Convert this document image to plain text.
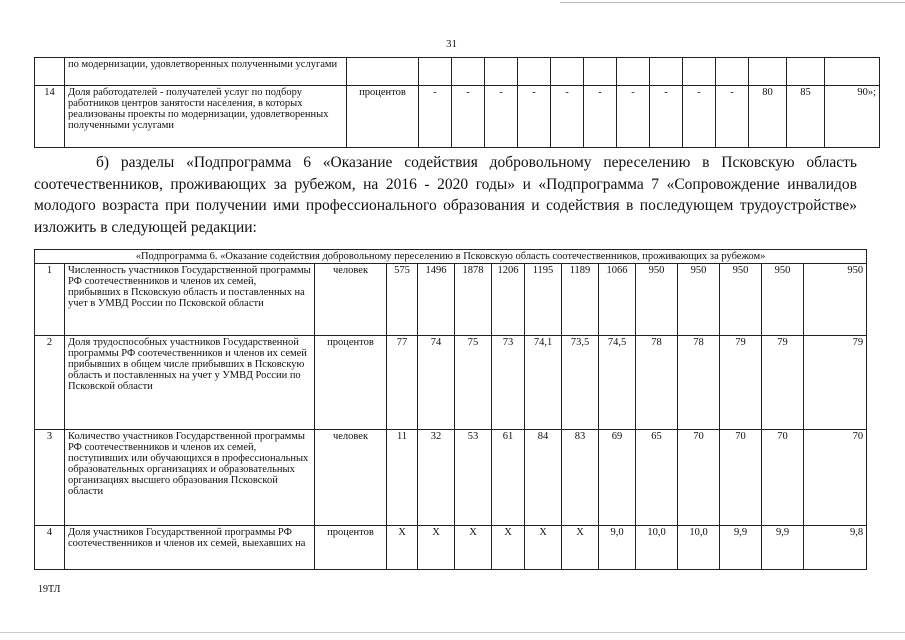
31
	по модернизации, удовлетворенных полученными услугами														
14	Доля работодателей - получателей услуг по подбору работников центров занятости населения, в которых реализованы проекты по модернизации, удовлетворенных полученными услугами	процентов	-	-	-	-	-	-	-	-	-	-	80	85	90»;
б) разделы «Подпрограмма 6 «Оказание содействия добровольному переселению в Псковскую область соотечественников, проживающих за рубежом, на 2016 - 2020 годы» и «Подпрограмма 7 «Сопровождение инвалидов молодого возраста при получении ими профессионального образования и содействия в последующем трудоустройстве» изложить в следующей редакции:
«Подпрограмма 6. «Оказание содействия добровольному переселению в Псковскую область соотечественников, проживающих за рубежом»														
1	Численность участников Государственной программы РФ соотечественников и членов их семей, прибывших в Псковскую область и поставленных на учет в УМВД России по Псковской области	человек	575	1496	1878	1206	1195	1189	1066	950	950	950	950	950
2	Доля трудоспособных участников Государственной программы РФ соотечественников и членов их семей прибывших в общем числе прибывших в Псковскую область и поставленных на учет у УМВД России по Псковской области	процентов	77	74	75	73	74,1	73,5	74,5	78	78	79	79	79
3	Количество участников Государственной программы РФ соотечественников и членов их семей, поступивших или обучающихся в профессиональных образовательных организациях и образовательных организациях высшего образования Псковской области	человек	11	32	53	61	84	83	69	65	70	70	70	70
4	Доля участников Государственной программы РФ соотечественников и членов их семей, выехавших на	процентов	X	X	X	X	X	X	9,0	10,0	10,0	9,9	9,9	9,8
19ТЛ
